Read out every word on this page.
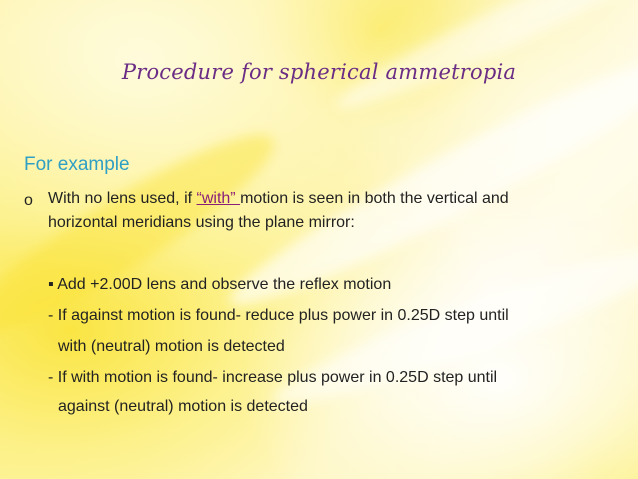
Procedure for spherical ammetropia
For example
o With no lens used, if “with” motion is seen in both the vertical and

horizontal meridians using the plane mirror:

▪ Add +2.00D lens and observe the reflex motion

- If against motion is found- reduce plus power in 0.25D step until

with (neutral) motion is detected

- If with motion is found- increase plus power in 0.25D step until

against (neutral) motion is detected
